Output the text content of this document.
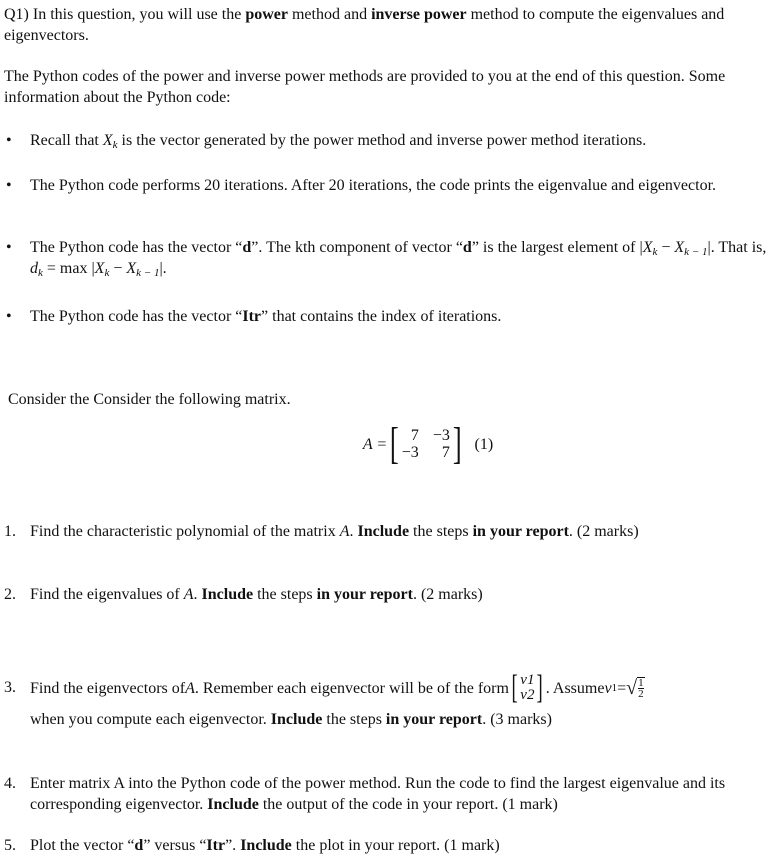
Q1) In this question, you will use the power method and inverse power method to compute the eigenvalues and eigenvectors.
The Python codes of the power and inverse power methods are provided to you at the end of this question. Some information about the Python code:
•	Recall that $X_k$ is the vector generated by the power method and inverse power method iterations.
•	The Python code performs 20 iterations. After 20 iterations, the code prints the eigenvalue and eigenvector.
•	The Python code has the vector “d”. The kth component of vector “d” is the largest element of $|X_k - X_{k - 1}|$. That is, $d_k = \max |X_k - X_{k - 1}|$.
•	The Python code has the vector “Itr” that contains the index of iterations.
Consider the Consider the following matrix.
A = [ 7 −3
−3	7 ] (1)
1. Find the characteristic polynomial of the matrix A. Include the steps in your report. (2 marks)
2. Find the eigenvalues of A. Include the steps in your report. (2 marks)
3. Find the eigenvectors of A . Remember each eigenvector will be of the form [ v1
v2 ] . Assume v 1 = √ $\frac{1}{2}$
when you compute each eigenvector. Include the steps in your report. (3 marks)
4. Enter matrix A into the Python code of the power method. Run the code to find the largest eigenvalue and its corresponding eigenvector. Include the output of the code in your report. (1 mark)
5. Plot the vector “d” versus “Itr”. Include the plot in your report. (1 mark)
